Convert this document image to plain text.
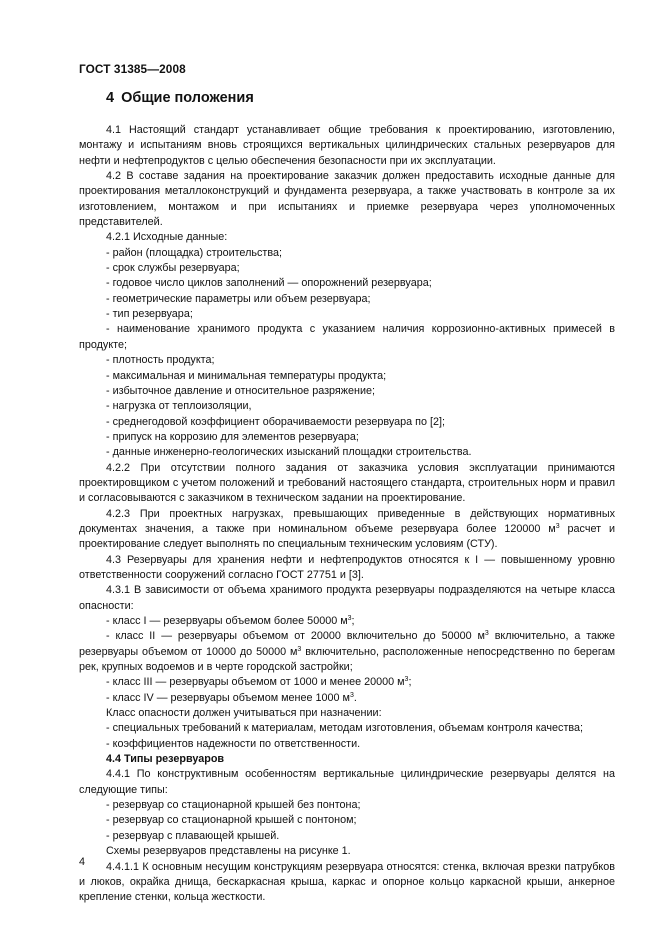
ГОСТ 31385—2008
4 Общие положения

4.1 Настоящий стандарт устанавливает общие требования к проектированию, изготовлению, монтажу и испытаниям вновь строящихся вертикальных цилиндрических стальных резервуаров для нефти и нефтепродуктов с целью обеспечения безопасности при их эксплуатации.

4.2 В составе задания на проектирование заказчик должен предоставить исходные данные для проектирования металлоконструкций и фундамента резервуара, а также участвовать в контроле за их изготовлением, монтажом и при испытаниях и приемке резервуара через уполномоченных представителей.

4.2.1 Исходные данные:

- район (площадка) строительства;

- срок службы резервуара;

- годовое число циклов заполнений — опорожнений резервуара;

- геометрические параметры или объем резервуара;

- тип резервуара;

- наименование хранимого продукта с указанием наличия коррозионно-активных примесей в продукте;

- плотность продукта;

- максимальная и минимальная температуры продукта;

- избыточное давление и относительное разряжение;

- нагрузка от теплоизоляции,

- среднегодовой коэффициент оборачиваемости резервуара по [2];

- припуск на коррозию для элементов резервуара;

- данные инженерно-геологических изысканий площадки строительства.

4.2.2 При отсутствии полного задания от заказчика условия эксплуатации принимаются проектировщиком с учетом положений и требований настоящего стандарта, строительных норм и правил и согласовываются с заказчиком в техническом задании на проектирование.

4.2.3 При проектных нагрузках, превышающих приведенные в действующих нормативных документах значения, а также при номинальном объеме резервуара более 120000 $м^3$ расчет и проектирование следует выполнять по специальным техническим условиям (СТУ).

4.3 Резервуары для хранения нефти и нефтепродуктов относятся к I — повышенному уровню ответственности сооружений согласно ГОСТ 27751 и [3].

4.3.1 В зависимости от объема хранимого продукта резервуары подразделяются на четыре класса опасности:

- класс I — резервуары объемом более 50000 $м^3$;

- класс II — резервуары объемом от 20000 включительно до 50000 $м^3$ включительно, а также резервуары объемом от 10000 до 50000 $м^3$ включительно, расположенные непосредственно по берегам рек, крупных водоемов и в черте городской застройки;

- класс III — резервуары объемом от 1000 и менее 20000 $м^3$;

- класс IV — резервуары объемом менее 1000 $м^3$.

Класс опасности должен учитываться при назначении:

- специальных требований к материалам, методам изготовления, объемам контроля качества;

- коэффициентов надежности по ответственности.

4.4 Типы резервуаров

4.4.1 По конструктивным особенностям вертикальные цилиндрические резервуары делятся на следующие типы:

- резервуар со стационарной крышей без понтона;

- резервуар со стационарной крышей с понтоном;

- резервуар с плавающей крышей.

Схемы резервуаров представлены на рисунке 1.

4.4.1.1 К основным несущим конструкциям резервуара относятся: стенка, включая врезки патрубков и люков, окрайка днища, бескаркасная крыша, каркас и опорное кольцо каркасной крыши, анкерное крепление стенки, кольца жесткости.

4
